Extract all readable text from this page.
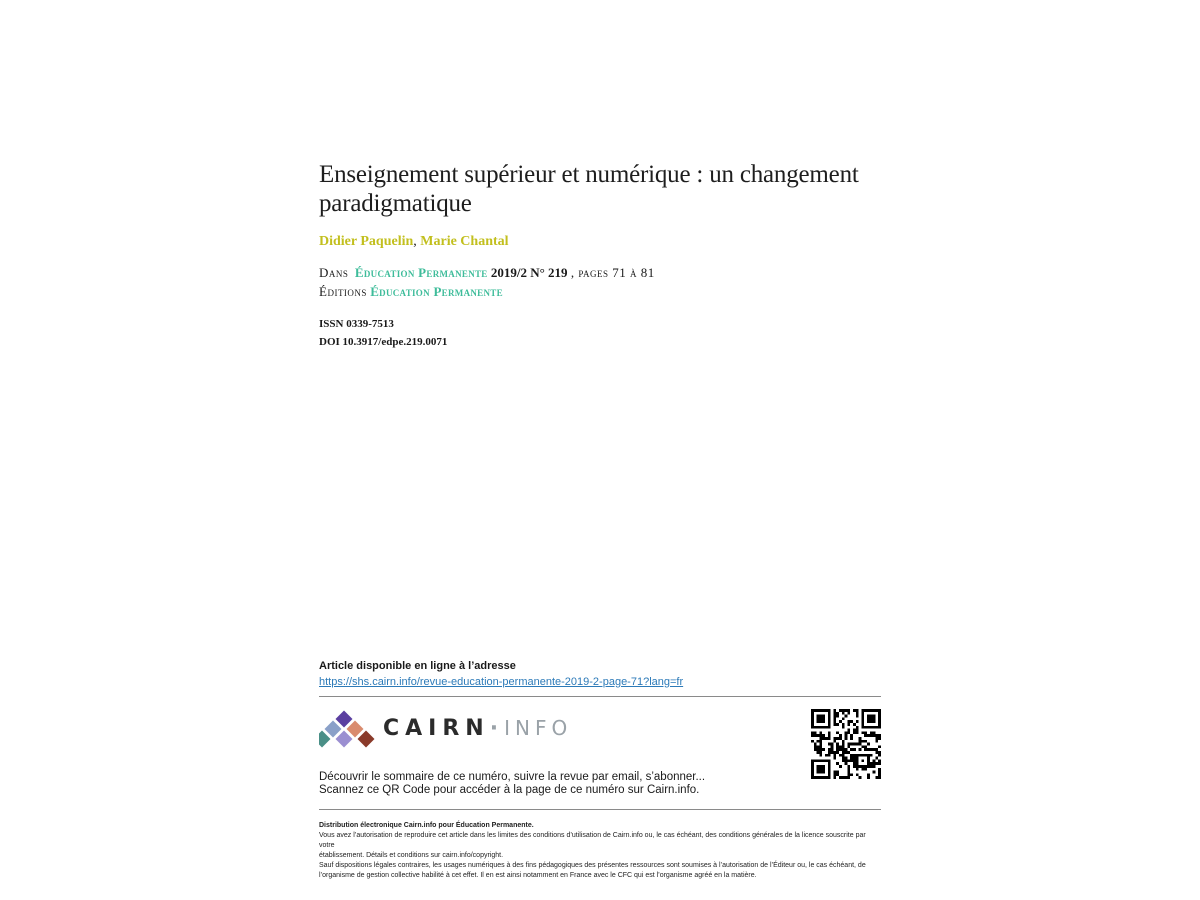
Enseignement supérieur et numérique : un changement paradigmatique
Didier Paquelin, Marie Chantal
Dans Éducation Permanente 2019/2 N° 219 , pages 71 à 81
Éditions Éducation Permanente
ISSN 0339-7513
DOI 10.3917/edpe.219.0071
Article disponible en ligne à l’adresse
https://shs.cairn.info/revue-education-permanente-2019-2-page-71?lang=fr
CAIRN·INFO
Découvrir le sommaire de ce numéro, suivre la revue par email, s’abonner...
Scannez ce QR Code pour accéder à la page de ce numéro sur Cairn.info.
Distribution électronique Cairn.info pour Éducation Permanente.
Vous avez l’autorisation de reproduire cet article dans les limites des conditions d’utilisation de Cairn.info ou, le cas échéant, des conditions générales de la licence souscrite par votre
établissement. Détails et conditions sur cairn.info/copyright.
Sauf dispositions légales contraires, les usages numériques à des fins pédagogiques des présentes ressources sont soumises à l’autorisation de l’Éditeur ou, le cas échéant, de
l’organisme de gestion collective habilité à cet effet. Il en est ainsi notamment en France avec le CFC qui est l’organisme agréé en la matière.
